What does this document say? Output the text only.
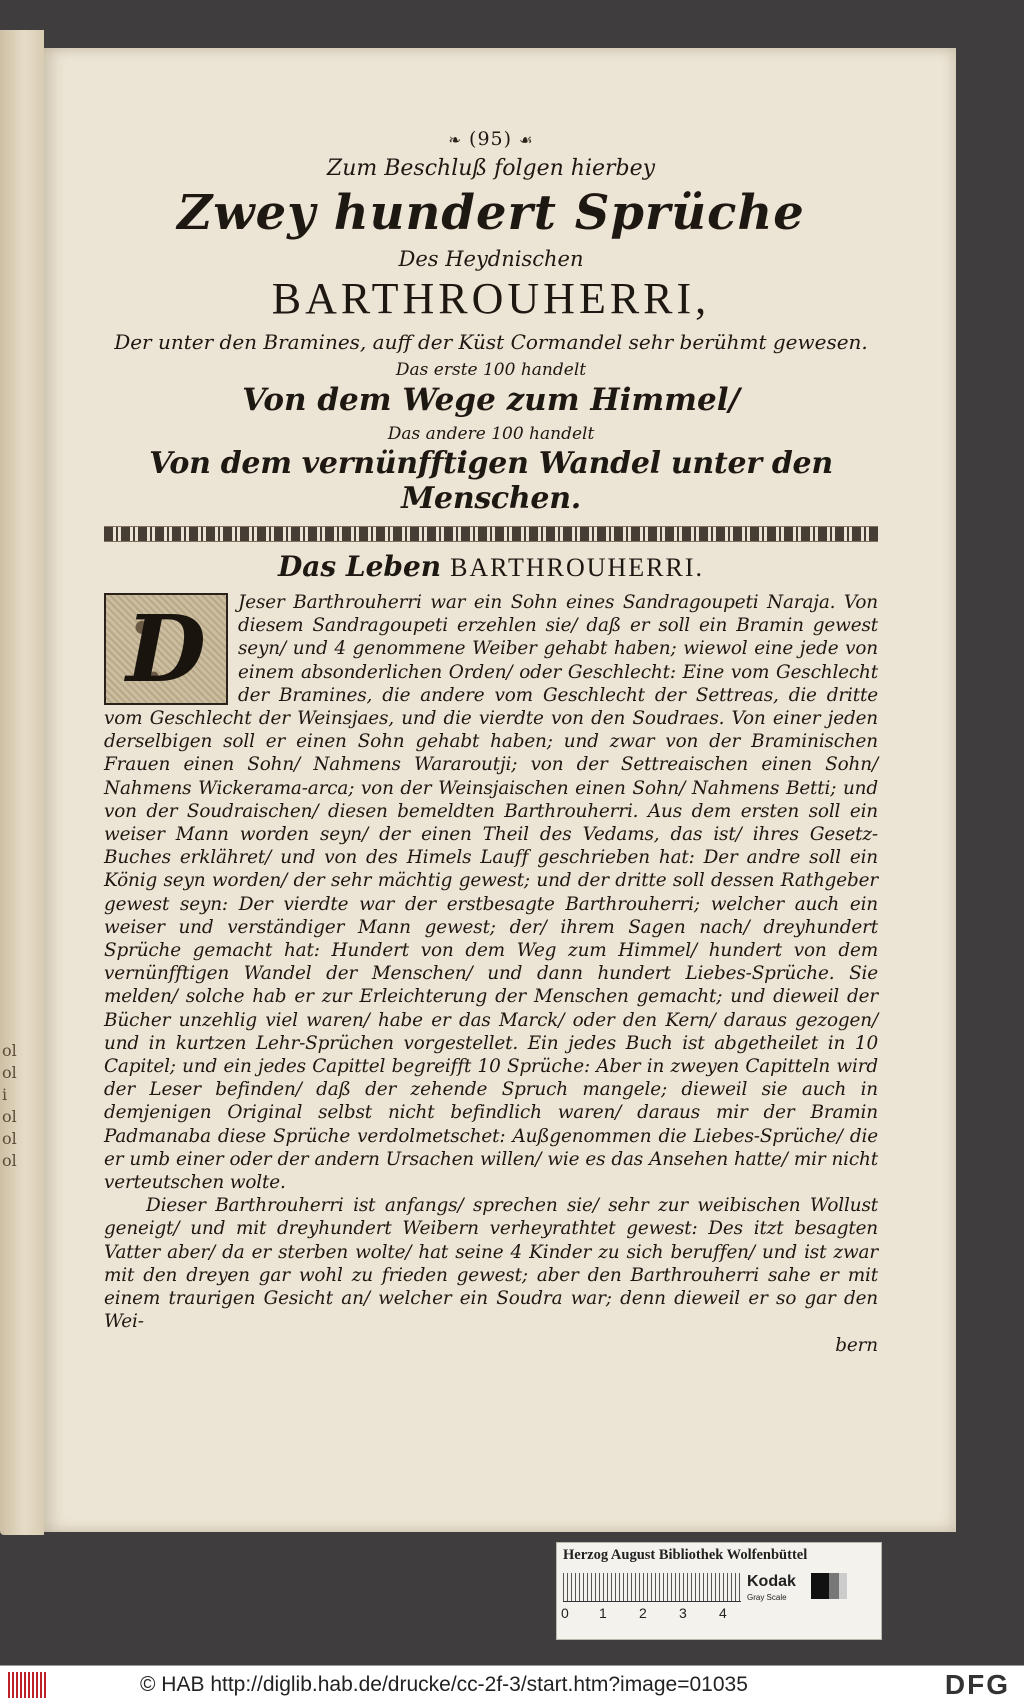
ol
ol
i
ol
ol
ol
❧ (95) ☙
Zum Beschluß folgen hierbey
Zwey hundert Sprüche
Des Heydnischen
BARTHROUHERRI,
Der unter den Bramines, auff der Küst Cormandel sehr berühmt gewesen.
Das erste 100 handelt
Von dem Wege zum Himmel/
Das andere 100 handelt
Von dem vernünfftigen Wandel unter den Menschen.
Das Leben BARTHROUHERRI.

D	Jeser Barthrouherri war ein Sohn eines Sandragoupeti Naraja. Von diesem Sandragoupeti erzehlen sie/ daß er soll ein Bramin gewest seyn/ und 4 genommene Weiber gehabt haben; wiewol eine jede von einem absonderlichen Orden/ oder Geschlecht: Eine vom Geschlecht der Bramines, die andere vom Geschlecht der Settreas, die dritte vom Geschlecht der Weinsjaes, und die vierdte von den Soudraes. Von einer jeden derselbigen soll er einen Sohn gehabt haben; und zwar von der Braminischen Frauen einen Sohn/ Nahmens Wararoutji; von der Settreaischen einen Sohn/ Nahmens Wickerama-arca; von der Weinsjaischen einen Sohn/ Nahmens Betti; und von der Soudraischen/ diesen bemeldten Barthrouherri. Aus dem ersten soll ein weiser Mann worden seyn/ der einen Theil des Vedams, das ist/ ihres Gesetz-Buches erklähret/ und von des Himels Lauff geschrieben hat: Der andre soll ein König seyn worden/ der sehr mächtig gewest; und der dritte soll dessen Rathgeber gewest seyn: Der vierdte war der erstbesagte Barthrouherri; welcher auch ein weiser und verständiger Mann gewest; der/ ihrem Sagen nach/ dreyhundert Sprüche gemacht hat: Hundert von dem Weg zum Himmel/ hundert von dem vernünfftigen Wandel der Menschen/ und dann hundert Liebes-Sprüche. Sie melden/ solche hab er zur Erleichterung der Menschen gemacht; und dieweil der Bücher unzehlig viel waren/ habe er das Marck/ oder den Kern/ daraus gezogen/ und in kurtzen Lehr-Sprüchen vorgestellet. Ein jedes Buch ist abgetheilet in 10 Capitel; und ein jedes Capittel begreifft 10 Sprüche: Aber in zweyen Capitteln wird der Leser befinden/ daß der zehende Spruch mangele; dieweil sie auch in demjenigen Original selbst nicht befindlich waren/ daraus mir der Bramin Padmanaba diese Sprüche verdolmetschet: Außgenommen die Liebes-Sprüche/ die er umb einer oder der andern Ursachen willen/ wie es das Ansehen hatte/ mir nicht verteutschen wolte.

Dieser Barthrouherri ist anfangs/ sprechen sie/ sehr zur weibischen Wollust geneigt/ und mit dreyhundert Weibern verheyrathtet gewest: Des itzt besagten Vatter aber/ da er sterben wolte/ hat seine 4 Kinder zu sich beruffen/ und ist zwar mit den dreyen gar wohl zu frieden gewest; aber den Barthrouherri sahe er mit einem traurigen Gesicht an/ welcher ein Soudra war; denn dieweil er so gar den Wei-

bern
Herzog August Bibliothek Wolfenbüttel
0 1 2 3 4
Kodak
Gray Scale
© HAB http://diglib.hab.de/drucke/cc-2f-3/start.htm?image=01035	DFG
